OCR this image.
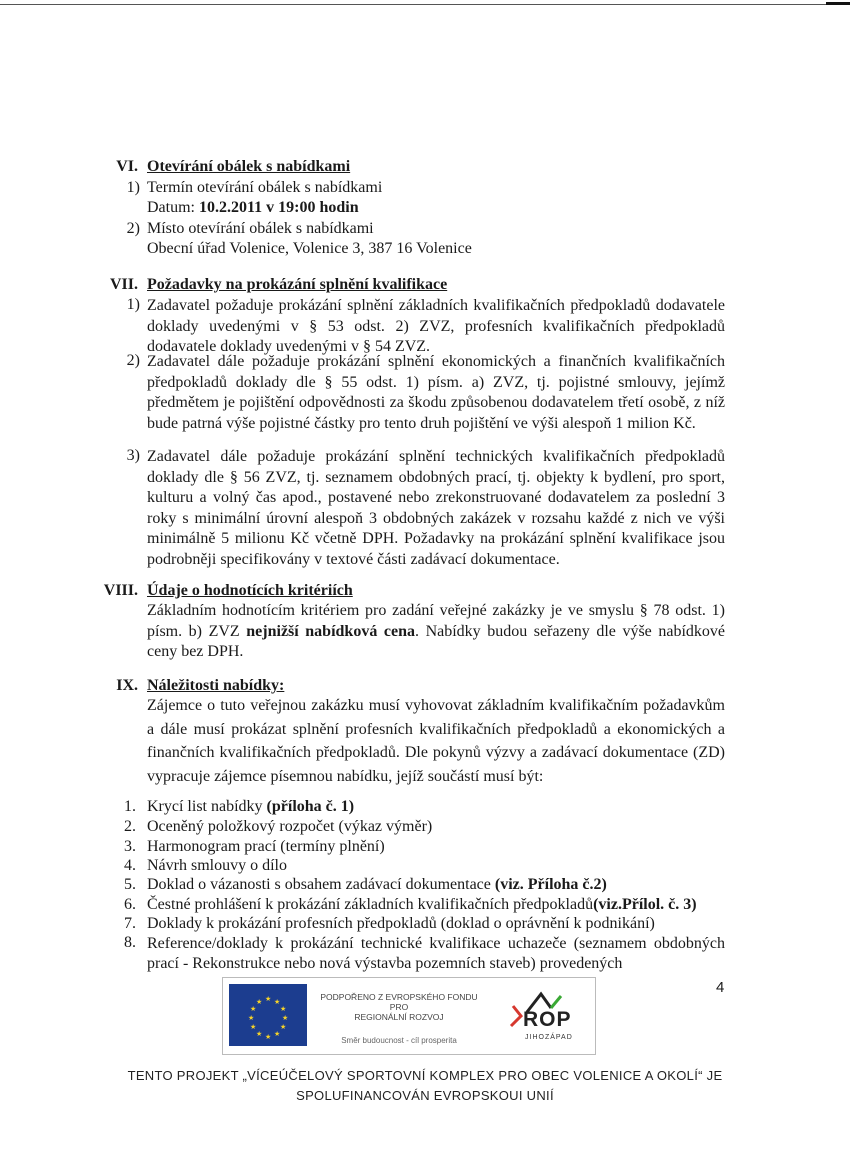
VI. Otevírání obálek s nabídkami
1) Termín otevírání obálek s nabídkami
Datum: 10.2.2011 v 19:00 hodin
2) Místo otevírání obálek s nabídkami
Obecní úřad Volenice, Volenice 3, 387 16 Volenice
VII. Požadavky na prokázání splnění kvalifikace
1) Zadavatel požaduje prokázání splnění základních kvalifikačních předpokladů dodavatele doklady uvedenými v § 53 odst. 2) ZVZ, profesních kvalifikačních předpokladů dodavatele doklady uvedenými v § 54 ZVZ.
2) Zadavatel dále požaduje prokázání splnění ekonomických a finančních kvalifikačních předpokladů doklady dle § 55 odst. 1) písm. a) ZVZ, tj. pojistné smlouvy, jejímž předmětem je pojištění odpovědnosti za škodu způsobenou dodavatelem třetí osobě, z níž bude patrná výše pojistné částky pro tento druh pojištění ve výši alespoň 1 milion Kč.
3) Zadavatel dále požaduje prokázání splnění technických kvalifikačních předpokladů doklady dle § 56 ZVZ, tj. seznamem obdobných prací, tj. objekty k bydlení, pro sport, kulturu a volný čas apod., postavené nebo zrekonstruované dodavatelem za poslední 3 roky s minimální úrovní alespoň 3 obdobných zakázek v rozsahu každé z nich ve výši minimálně 5 milionu Kč včetně DPH. Požadavky na prokázání splnění kvalifikace jsou podrobněji specifikovány v textové části zadávací dokumentace.
VIII. Údaje o hodnotících kritériích
Základním hodnotícím kritériem pro zadání veřejné zakázky je ve smyslu § 78 odst. 1) písm. b) ZVZ nejnižší nabídková cena. Nabídky budou seřazeny dle výše nabídkové ceny bez DPH.
IX. Náležitosti nabídky:
Zájemce o tuto veřejnou zakázku musí vyhovovat základním kvalifikačním požadavkům a dále musí prokázat splnění profesních kvalifikačních předpokladů a ekonomických a finančních kvalifikačních předpokladů. Dle pokynů výzvy a zadávací dokumentace (ZD) vypracuje zájemce písemnou nabídku, jejíž součástí musí být:
1. Krycí list nabídky (příloha č. 1)
2. Oceněný položkový rozpočet (výkaz výměr)
3. Harmonogram prací (termíny plnění)
4. Návrh smlouvy o dílo
5. Doklad o vázanosti s obsahem zadávací dokumentace (viz. Příloha č.2)
6. Čestné prohlášení k prokázání základních kvalifikačních předpokladů(viz.Přílol. č. 3)
7. Doklady k prokázání profesních předpokladů (doklad o oprávnění k podnikání)
8. Reference/doklady k prokázání technické kvalifikace uchazeče (seznamem obdobných prací - Rekonstrukce nebo nová výstavba pozemních staveb) provedených
4
★ ★
★
★
★
★
★
★
★
★
★
★	PODPOŘENO Z EVROPSKÉHO FONDU
PRO
REGIONÁLNÍ ROZVOJ
Směr budoucnost - cíl prosperita
ROP
JIHOZÁPAD
TENTO PROJEKT „VÍCEÚČELOVÝ SPORTOVNÍ KOMPLEX PRO OBEC VOLENICE A OKOLÍ“ JE
SPOLUFINANCOVÁN EVROPSKOUI UNIÍ
